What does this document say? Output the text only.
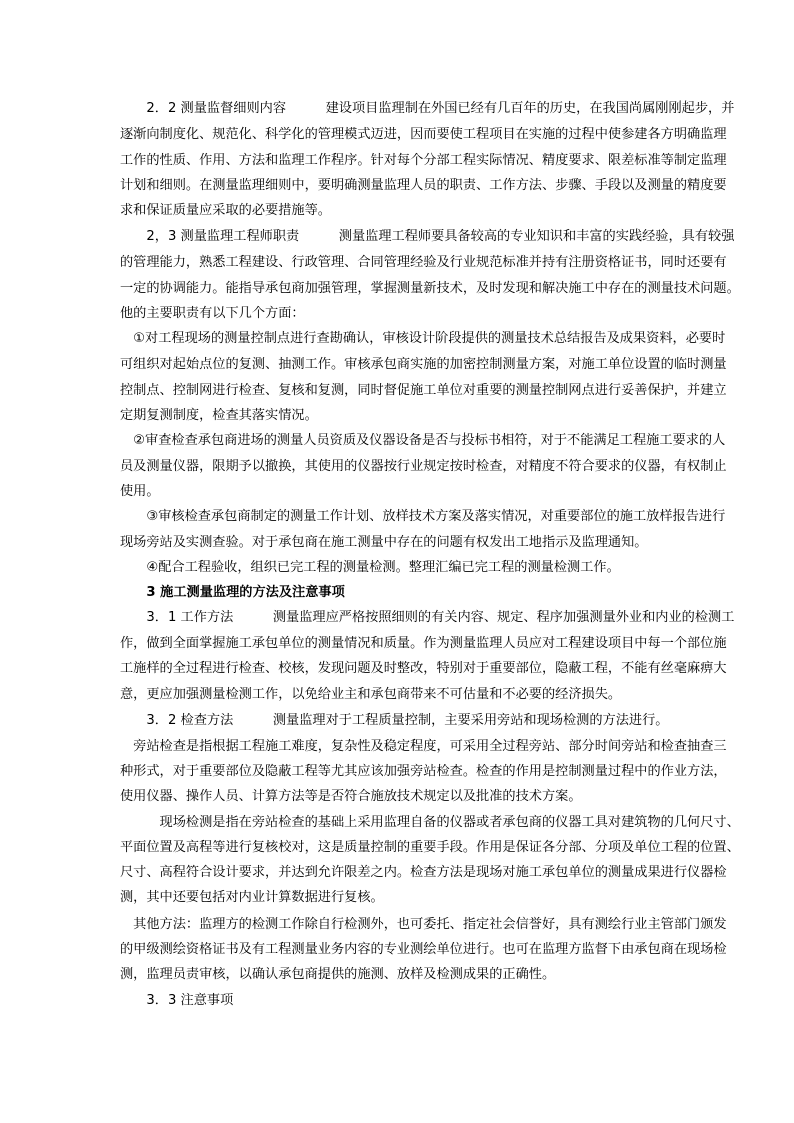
　　2．2 测量监督细则内容　　　建设项目监理制在外国已经有几百年的历史，在我国尚属刚刚起步，并
逐渐向制度化、规范化、科学化的管理模式迈进，因而要使工程项目在实施的过程中使参建各方明确监理
工作的性质、作用、方法和监理工作程序。针对每个分部工程实际情况、精度要求、限差标准等制定监理
计划和细则。在测量监理细则中，要明确测量监理人员的职责、工作方法、步骤、手段以及测量的精度要
求和保证质量应采取的必要措施等。
　　2，3 测量监理工程师职责　　　测量监理工程师要具备较高的专业知识和丰富的实践经验，具有较强
的管理能力，熟悉工程建设、行政管理、合同管理经验及行业规范标准并持有注册资格证书，同时还要有
一定的协调能力。能指导承包商加强管理，掌握测量新技术，及时发现和解决施工中存在的测量技术问题。
他的主要职责有以下几个方面：
　①对工程现场的测量控制点进行查勘确认，审核设计阶段提供的测量技术总结报告及成果资料，必要时
可组织对起始点位的复测、抽测工作。审核承包商实施的加密控制测量方案，对施工单位设置的临时测量
控制点、控制网进行检查、复核和复测，同时督促施工单位对重要的测量控制网点进行妥善保护，并建立
定期复测制度，检查其落实情况。
　②审查检查承包商进场的测量人员资质及仪器设备是否与投标书相符，对于不能满足工程施工要求的人
员及测量仪器，限期予以撤换，其使用的仪器按行业规定按时检查，对精度不符合要求的仪器，有权制止
使用。
　　③审核检查承包商制定的测量工作计划、放样技术方案及落实情况，对重要部位的施工放样报告进行
现场旁站及实测查验。对于承包商在施工测量中存在的问题有权发出工地指示及监理通知。
　　④配合工程验收，组织已完工程的测量检测。整理汇编已完工程的测量检测工作。
　　3 施工测量监理的方法及注意事项
　　3．1 工作方法　　　测量监理应严格按照细则的有关内容、规定、程序加强测量外业和内业的检测工
作，做到全面掌握施工承包单位的测量情况和质量。作为测量监理人员应对工程建设项目中每一个部位施
工施样的全过程进行检查、校核，发现问题及时整改，特别对于重要部位，隐蔽工程，不能有丝毫麻痹大
意，更应加强测量检测工作，以免给业主和承包商带来不可估量和不必要的经济损失。
　　3．2 检查方法　　　测量监理对于工程质量控制，主要采用旁站和现场检测的方法进行。
　旁站检查是指根据工程施工难度，复杂性及稳定程度，可采用全过程旁站、部分时间旁站和检查抽查三
种形式，对于重要部位及隐蔽工程等尤其应该加强旁站检查。检查的作用是控制测量过程中的作业方法，
使用仪器、操作人员、计算方法等是否符合施放技术规定以及批准的技术方案。
　　　现场检测是指在旁站检查的基础上采用监理自备的仪器或者承包商的仪器工具对建筑物的几何尺寸、
平面位置及高程等进行复核校对，这是质量控制的重要手段。作用是保证各分部、分项及单位工程的位置、
尺寸、高程符合设计要求，并达到允许限差之内。检查方法是现场对施工承包单位的测量成果进行仪器检
测，其中还要包括对内业计算数据进行复核。
　其他方法：监理方的检测工作除自行检测外，也可委托、指定社会信誉好，具有测绘行业主管部门颁发
的甲级测绘资格证书及有工程测量业务内容的专业测绘单位进行。也可在监理方监督下由承包商在现场检
测，监理员责审核，以确认承包商提供的施测、放样及检测成果的正确性。
　　3．3 注意事项
